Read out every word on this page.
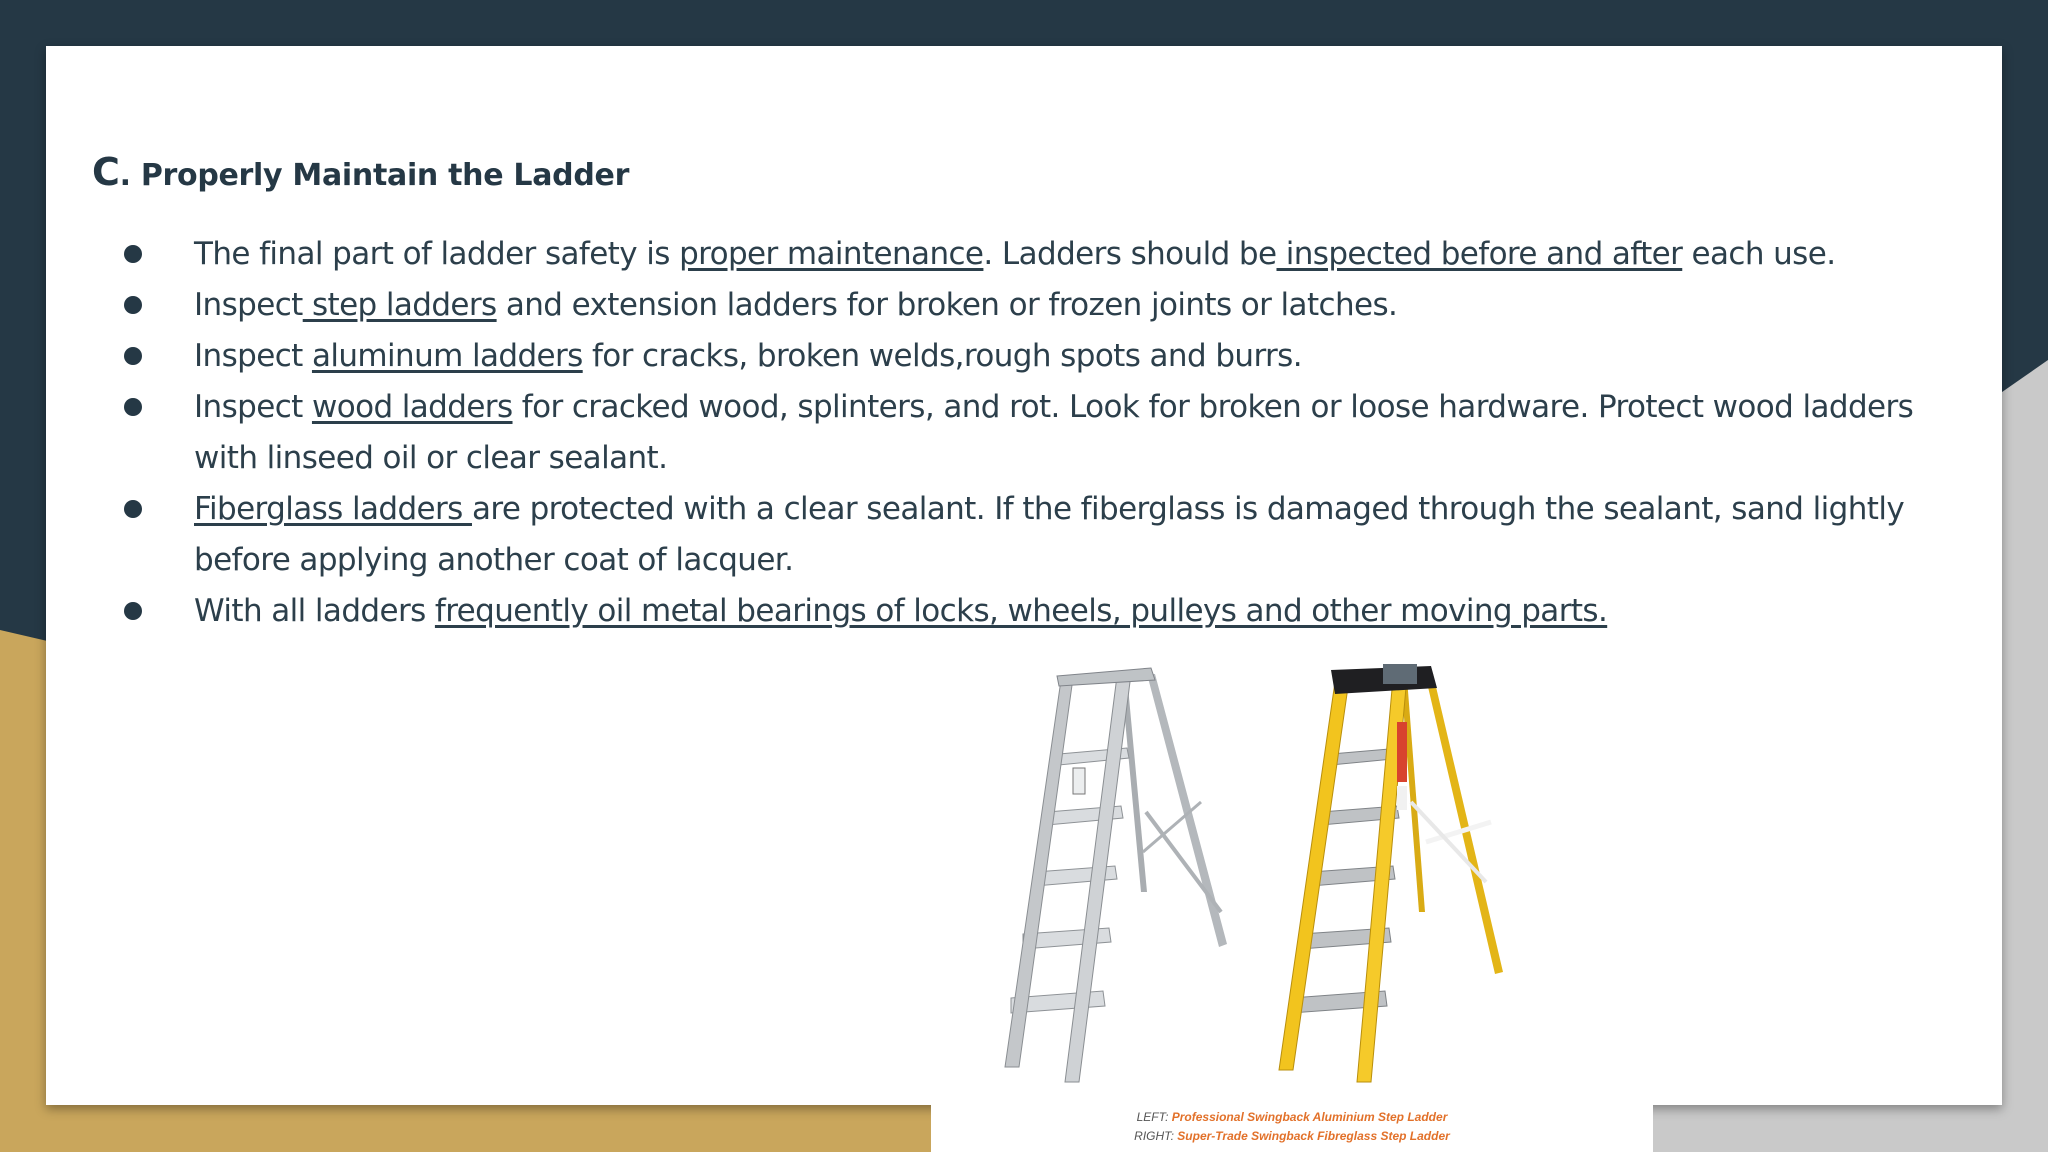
C. Properly Maintain the Ladder
The final part of ladder safety is proper maintenance. Ladders should be inspected before and after each use.
Inspect step ladders and extension ladders for broken or frozen joints or latches.
Inspect aluminum ladders for cracks, broken welds,rough spots and burrs.
Inspect wood ladders for cracked wood, splinters, and rot. Look for broken or loose hardware. Protect wood ladders with linseed oil or clear sealant.
Fiberglass ladders are protected with a clear sealant. If the fiberglass is damaged through the sealant, sand lightly before applying another coat of lacquer.
With all ladders frequently oil metal bearings of locks, wheels, pulleys and other moving parts.
LEFT: Professional Swingback Aluminium Step Ladder
RIGHT: Super-Trade Swingback Fibreglass Step Ladder
